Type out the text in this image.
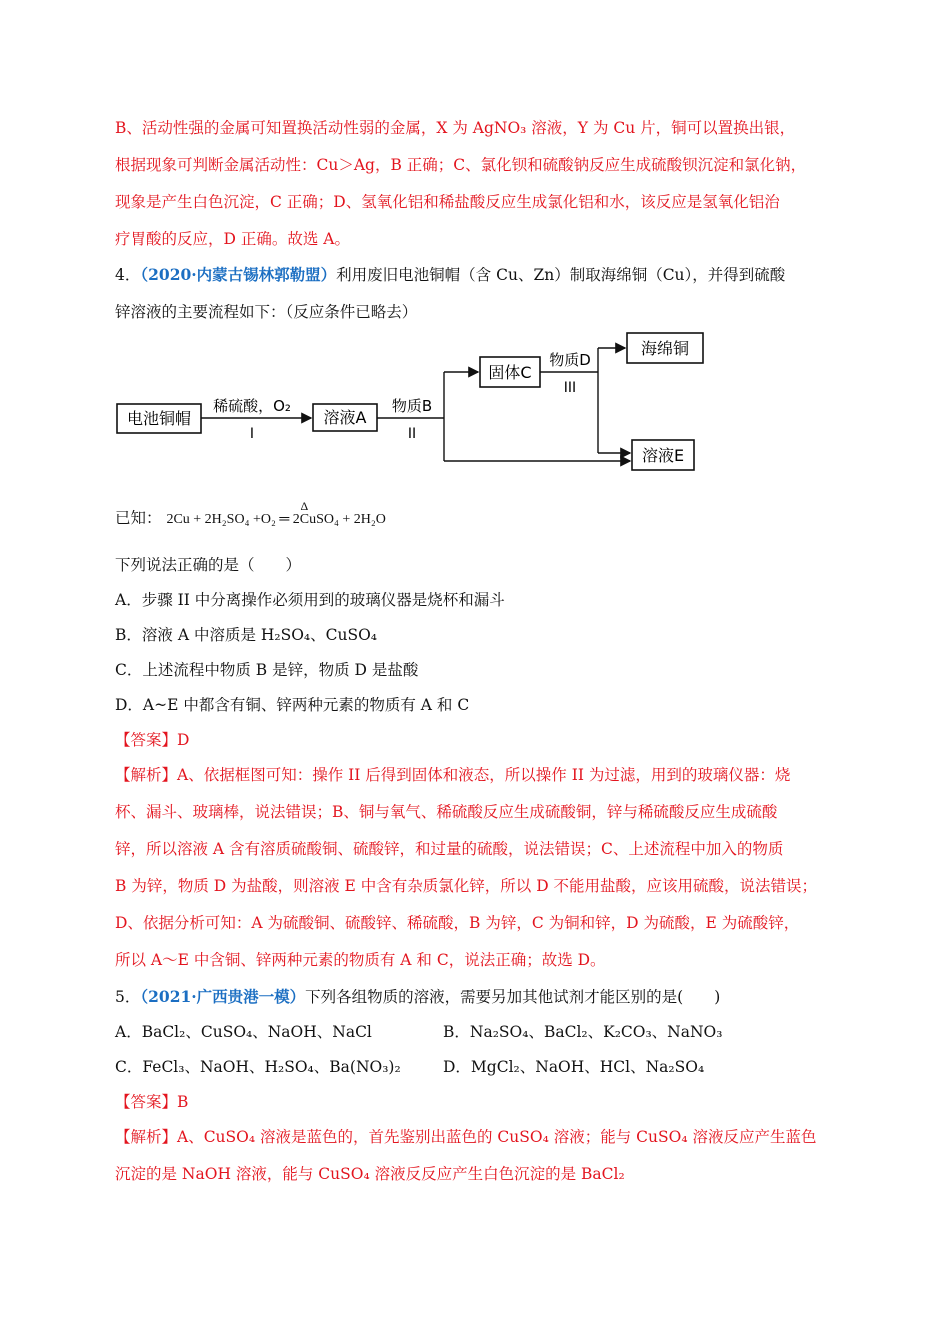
B、活动性强的金属可知置换活动性弱的金属，X 为 AgNO₃ 溶液，Y 为 Cu 片，铜可以置换出银，
根据现象可判断金属活动性：Cu＞Ag，B 正确；C、氯化钡和硫酸钠反应生成硫酸钡沉淀和氯化钠，
现象是产生白色沉淀，C 正确；D、氢氧化铝和稀盐酸反应生成氯化铝和水，该反应是氢氧化铝治
疗胃酸的反应，D 正确。故选 A。
4．（2020·内蒙古锡林郭勒盟）利用废旧电池铜帽（含 Cu、Zn）制取海绵铜（Cu），并得到硫酸
锌溶液的主要流程如下：（反应条件已略去）
电池铜帽	溶液A
固体C
海绵铜
溶液E
稀硫酸，O₂
I
物质B
II
物质D
III
已知： 2Cu + 2H₂SO₄ +O₂ ═ 2CuSO₄ + 2H₂O
Δ
下列说法正确的是（　　）
A．步骤 II 中分离操作必须用到的玻璃仪器是烧杯和漏斗
B．溶液 A 中溶质是 H₂SO₄、CuSO₄
C．上述流程中物质 B 是锌，物质 D 是盐酸
D．A~E 中都含有铜、锌两种元素的物质有 A 和 C
【答案】D
【解析】A、依据框图可知：操作 II 后得到固体和液态，所以操作 II 为过滤，用到的玻璃仪器：烧
杯、漏斗、玻璃棒，说法错误；B、铜与氧气、稀硫酸反应生成硫酸铜，锌与稀硫酸反应生成硫酸
锌，所以溶液 A 含有溶质硫酸铜、硫酸锌，和过量的硫酸，说法错误；C、上述流程中加入的物质
B 为锌，物质 D 为盐酸，则溶液 E 中含有杂质氯化锌，所以 D 不能用盐酸，应该用硫酸，说法错误；
D、依据分析可知：A 为硫酸铜、硫酸锌、稀硫酸，B 为锌，C 为铜和锌，D 为硫酸，E 为硫酸锌，
所以 A～E 中含铜、锌两种元素的物质有 A 和 C，说法正确；故选 D。
5．（2021·广西贵港一模）下列各组物质的溶液，需要另加其他试剂才能区别的是(　　)
A．BaCl₂、CuSO₄、NaOH、NaCl	B．Na₂SO₄、BaCl₂、K₂CO₃、NaNO₃
C．FeCl₃、NaOH、H₂SO₄、Ba(NO₃)₂	D．MgCl₂、NaOH、HCl、Na₂SO₄
【答案】B
【解析】A、CuSO₄ 溶液是蓝色的，首先鉴别出蓝色的 CuSO₄ 溶液；能与 CuSO₄ 溶液反应产生蓝色
沉淀的是 NaOH 溶液，能与 CuSO₄ 溶液反反应产生白色沉淀的是 BaCl₂
